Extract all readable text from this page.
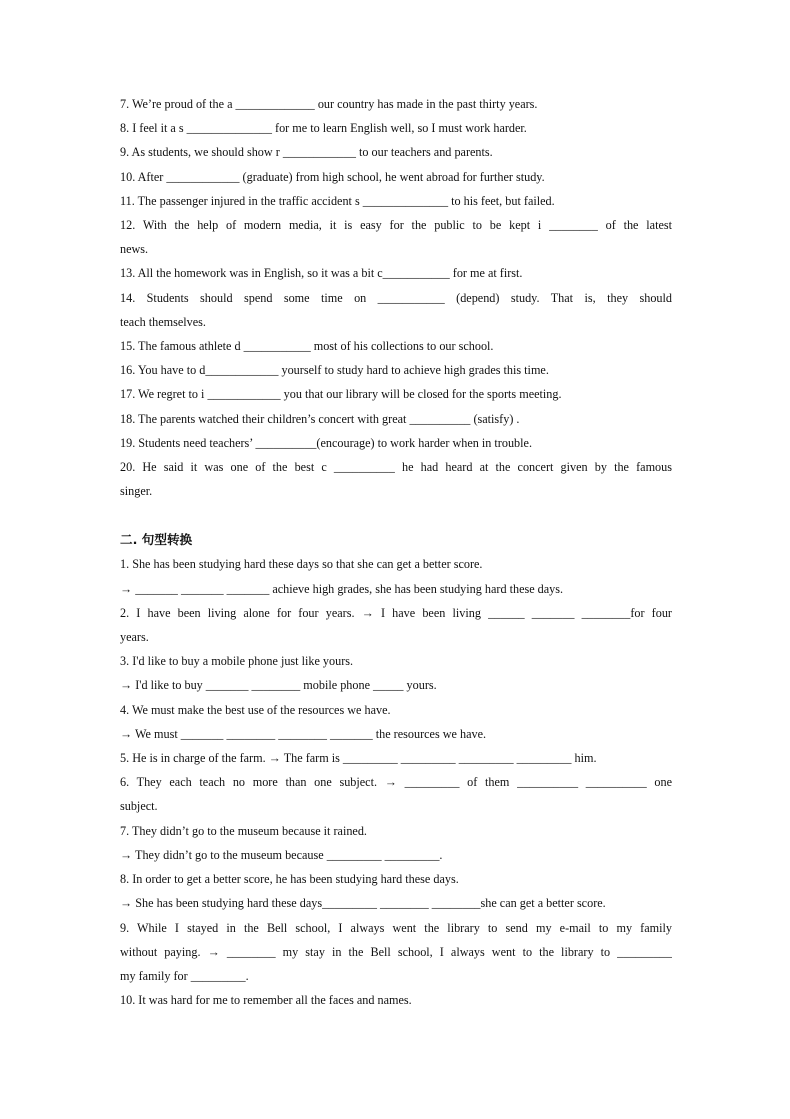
7. We’re proud of the a _____________ our country has made in the past thirty years.
8. I feel it a s ______________ for me to learn English well, so I must work harder.
9. As students, we should show r ____________ to our teachers and parents.
10. After ____________ (graduate) from high school, he went abroad for further study.
11. The passenger injured in the traffic accident s ______________ to his feet, but failed.
12. With the help of modern media, it is easy for the public to be kept i ________ of the latest
news.
13. All the homework was in English, so it was a bit c___________ for me at first.
14. Students should spend some time on ___________ (depend) study. That is, they should
teach themselves.
15. The famous athlete d ___________ most of his collections to our school.
16. You have to d____________ yourself to study hard to achieve high grades this time.
17. We regret to i ____________ you that our library will be closed for the sports meeting.
18. The parents watched their children’s concert with great __________ (satisfy) .
19. Students need teachers’ __________(encourage) to work harder when in trouble.
20. He said it was one of the best c __________ he had heard at the concert given by the famous
singer.
二. 句型转换
1. She has been studying hard these days so that she can get a better score.
→ _______ _______ _______ achieve high grades, she has been studying hard these days.
2. I have been living alone for four years. → I have been living ______ _______ ________for four
years.
3. I'd like to buy a mobile phone just like yours.
→ I'd like to buy _______ ________ mobile phone _____ yours.
4. We must make the best use of the resources we have.
→ We must _______ ________ ________ _______ the resources we have.
5. He is in charge of the farm. → The farm is _________ _________ _________ _________ him.
6. They each teach no more than one subject. → _________ of them __________ __________ one
subject.
7. They didn’t go to the museum because it rained.
→ They didn’t go to the museum because _________ _________.
8. In order to get a better score, he has been studying hard these days.
→ She has been studying hard these days_________ ________ ________she can get a better score.
9. While I stayed in the Bell school, I always went the library to send my e-mail to my family
without paying. → ________ my stay in the Bell school, I always went to the library to _________
my family for _________.
10. It was hard for me to remember all the faces and names.
